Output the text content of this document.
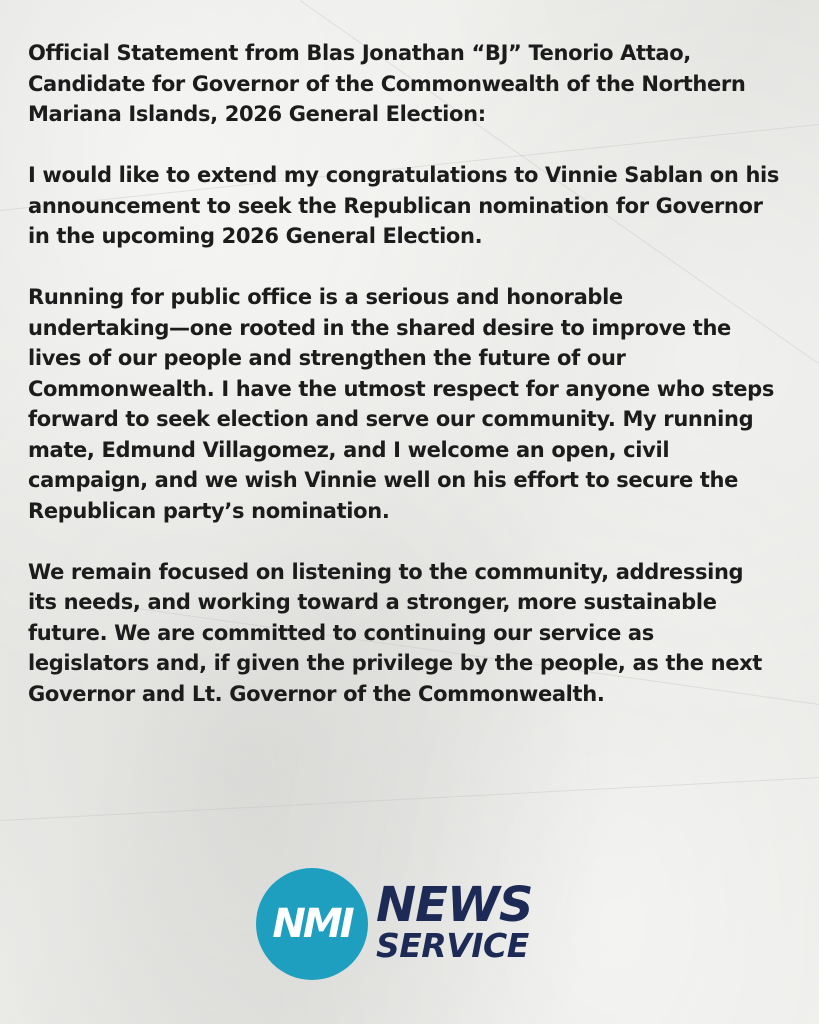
Official Statement from Blas Jonathan “BJ” Tenorio Attao,
Candidate for Governor of the Commonwealth of the Northern
Mariana Islands, 2026 General Election:

I would like to extend my congratulations to Vinnie Sablan on his
announcement to seek the Republican nomination for Governor
in the upcoming 2026 General Election.

Running for public office is a serious and honorable
undertaking—one rooted in the shared desire to improve the
lives of our people and strengthen the future of our
Commonwealth. I have the utmost respect for anyone who steps
forward to seek election and serve our community. My running
mate, Edmund Villagomez, and I welcome an open, civil
campaign, and we wish Vinnie well on his effort to secure the
Republican party’s nomination.

We remain focused on listening to the community, addressing
its needs, and working toward a stronger, more sustainable
future. We are committed to continuing our service as
legislators and, if given the privilege by the people, as the next
Governor and Lt. Governor of the Commonwealth.

NMI NEWS
SERVICE
